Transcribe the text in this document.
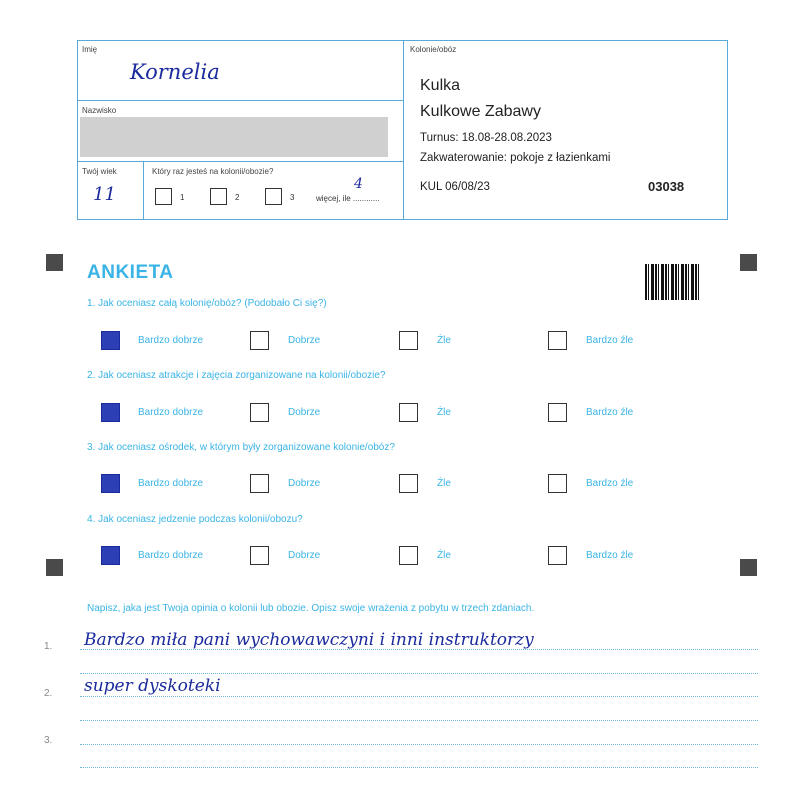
Imię
Kornelia
Nazwisko
Twój wiek
11
Który raz jesteś na kolonii/obozie?
1	2	3
4
więcej, ile ............
Kolonie/obóz
Kulka
Kulkowe Zabawy
Turnus: 18.08-28.08.2023
Zakwaterowanie: pokoje z łazienkami
KUL 06/08/23	03038
ANKIETA
1. Jak oceniasz całą kolonię/obóz? (Podobało Ci się?)
Bardzo dobrze	Dobrze	Źle	Bardzo źle
2. Jak oceniasz atrakcje i zajęcia zorganizowane na kolonii/obozie?
Bardzo dobrze	Dobrze	Źle	Bardzo źle
3. Jak oceniasz ośrodek, w którym były zorganizowane kolonie/obóz?
Bardzo dobrze	Dobrze	Źle	Bardzo źle
4. Jak oceniasz jedzenie podczas kolonii/obozu?
Bardzo dobrze	Dobrze	Źle	Bardzo źle
Napisz, jaka jest Twoja opinia o kolonii lub obozie. Opisz swoje wrażenia z pobytu w trzech zdaniach.
1. Bardzo miła pani wychowawczyni i inni instruktorzy
2. super dyskoteki
3.
